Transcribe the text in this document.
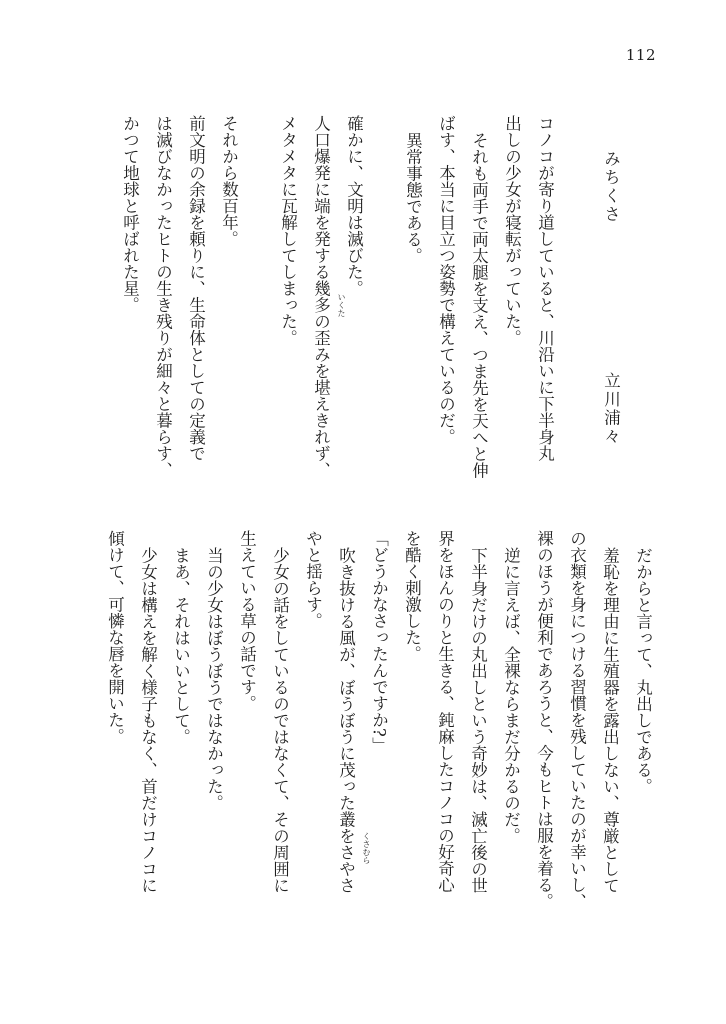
112
みちくさ
立川浦々
コノコが寄り道していると、川沿いに下半身丸
出しの少女が寝転がっていた。
それも両手で両太腿を支え、つま先を天へと伸
ばす、本当に目立つ姿勢で構えているのだ。
異常事態である。
確かに、文明は滅びた。
人口爆発に端を発する幾多の歪みを堪えきれず、 いくた
メタメタに瓦解してしまった。
それから数百年。
前文明の余録を頼りに、生命体としての定義で
は滅びなかったヒトの生き残りが細々と暮らす、
かつて地球と呼ばれた星。
だからと言って、丸出しである。
羞恥を理由に生殖器を露出しない、尊厳として
の衣類を身につける習慣を残していたのが幸いし、
裸のほうが便利であろうと、今もヒトは服を着る。
逆に言えば、全裸ならまだ分かるのだ。
下半身だけの丸出しという奇妙は、滅亡後の世
界をほんのりと生きる、鈍麻したコノコの好奇心
を酷く刺激した。
「どうかなさったんですか?」
吹き抜ける風が、ぼうぼうに茂った叢をさやさ くさむら
やと揺らす。
少女の話をしているのではなくて、その周囲に
生えている草の話です。
当の少女はぼうぼうではなかった。
まあ、それはいいとして。
少女は構えを解く様子もなく、首だけコノコに
傾けて、可憐な唇を開いた。
